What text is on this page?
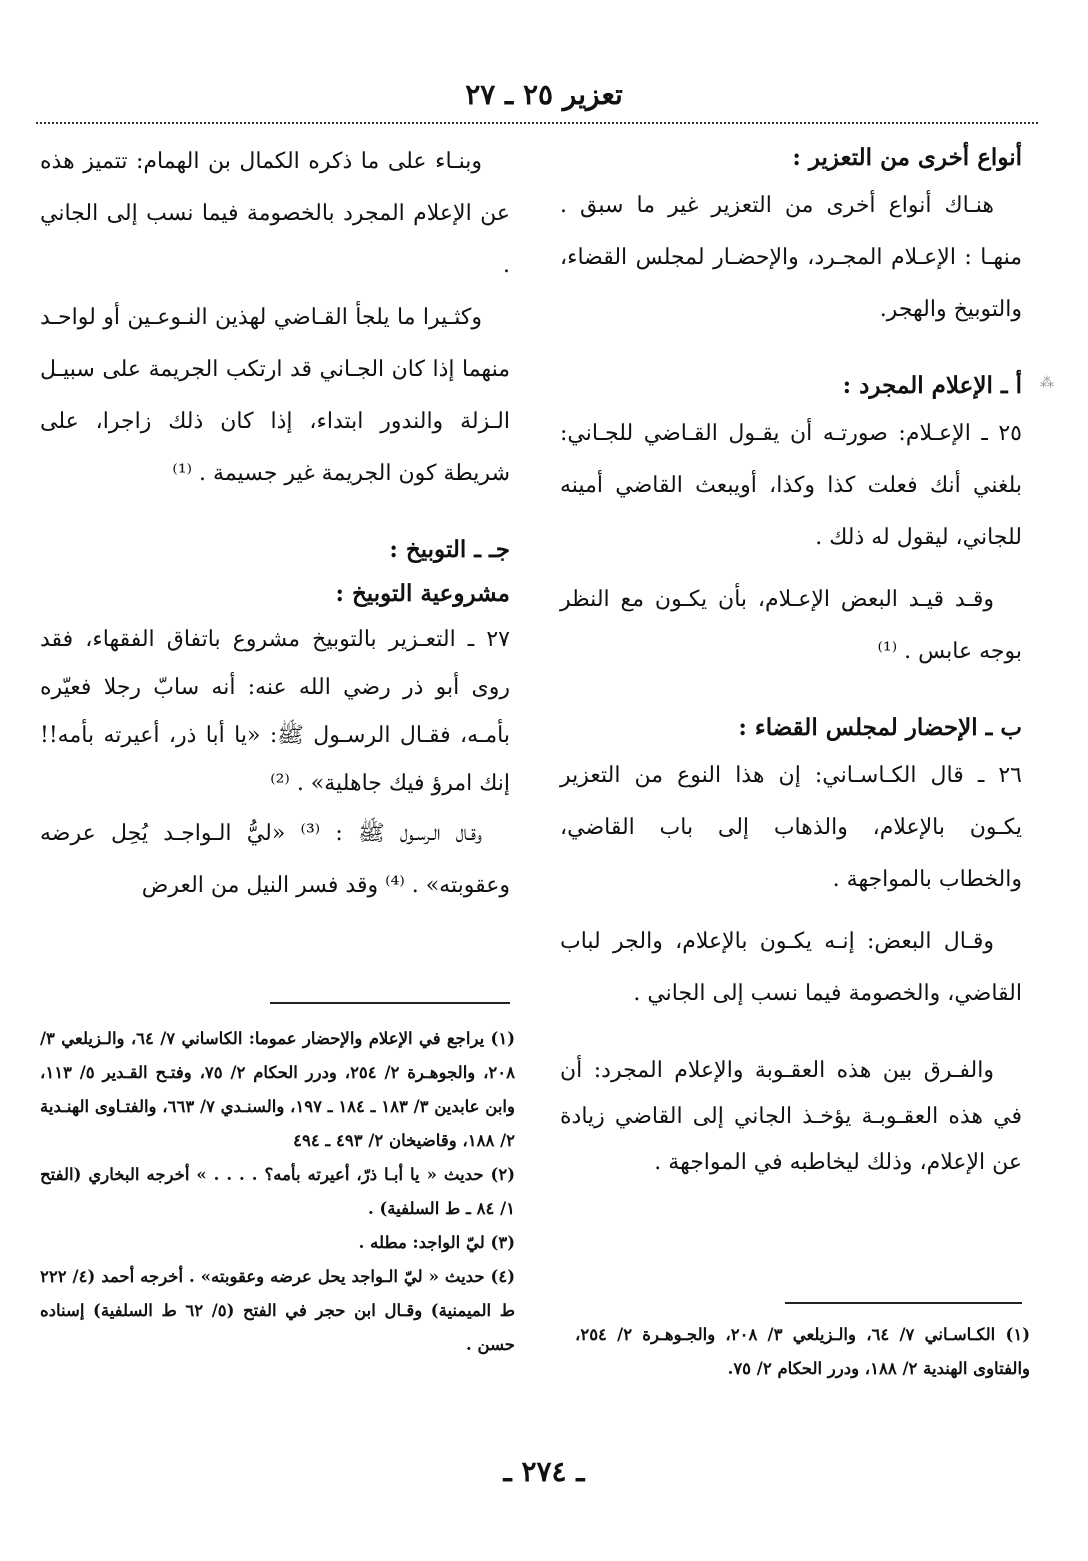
تعزير ٢٥ ـ ٢٧
⁂

أنواع أخرى من التعزير :

هنـاك أنواع أخرى من التعزير غير ما سبق . منهـا : الإعـلام المجـرد، والإحضـار لمجلس القضاء، والتوبيخ والهجر.

أ ـ الإعلام المجرد :

٢٥ ـ الإعـلام: صورتـه أن يقـول القـاضي للجـاني: بلغني أنك فعلت كذا وكذا، أويبعث القاضي أمينه للجاني، ليقول له ذلك .

وقـد قيـد البعض الإعـلام، بأن يكـون مع النظر بوجه عابس . ⁽¹⁾

ب ـ الإحضار لمجلس القضاء :

٢٦ ـ قال الكـاسـاني: إن هذا النوع من التعزير يكـون بالإعلام، والذهاب إلى باب القاضي، والخطاب بالمواجهة .

وقـال البعض: إنـه يكـون بالإعلام، والجر لباب القاضي، والخصومة فيما نسب إلى الجاني .

والفـرق بين هذه العقـوبة والإعلام المجرد: أن في هذه العقـوبـة يؤخـذ الجاني إلى القاضي زيادة عن الإعلام، وذلك ليخاطبه في المواجهة .

(١) الكـاسـاني ٧/ ٦٤، والـزيلعي ٣/ ٢٠٨، والجـوهـرة ٢/ ٢٥٤، والفتاوى الهندية ٢/ ١٨٨، ودرر الحكام ٢/ ٧٥.

وبنـاء على ما ذكره الكمال بن الهمام: تتميز هذه عن الإعلام المجرد بالخصومة فيما نسب إلى الجاني .

وكثـيرا ما يلجأ القـاضي لهذين النـوعـين أو لواحـد منهما إذا كان الجـاني قد ارتكب الجريمة على سبيـل الـزلة والندور ابتداء، إذا كان ذلك زاجرا، على شريطة كون الجريمة غير جسيمة . ⁽¹⁾

جـ ـ التوبيخ :

مشروعية التوبيخ :

٢٧ ـ التعـزير بالتوبيخ مشروع باتفاق الفقهاء، فقد روى أبو ذر رضي الله عنه: أنه سابّ رجلا فعيّره بأمـه، فقـال الرسـول ﷺ: «يا أبا ذر، أعيرته بأمه!! إنك امرؤ فيك جاهلية» . ⁽²⁾

وقـال الـرسـول ﷺ : ⁽³⁾ «ليُّ الـواجـد يُحِل عرضه وعقوبته» . ⁽⁴⁾ وقد فسر النيل من العرض

(١) يراجع في الإعلام والإحضار عموما: الكاساني ٧/ ٦٤، والـزيلعي ٣/ ٢٠٨، والجوهـرة ٢/ ٢٥٤، ودرر الحكام ٢/ ٧٥، وفتـح القـدير ٥/ ١١٣، وابن عابدين ٣/ ١٨٣ ـ ١٨٤ ـ ١٩٧، والسنـدي ٧/ ٦٦٣، والفتـاوى الهنـدية ٢/ ١٨٨، وقاضيخان ٢/ ٤٩٣ ـ ٤٩٤

(٢) حديث « يا أبـا ذرّ، أعيرته بأمه؟ . . . . » أخرجه البخاري (الفتح ١/ ٨٤ ـ ط السلفية) .

(٣) ليّ الواجد: مطله .

(٤) حديث « ليّ الـواجد يحل عرضه وعقوبته» . أخرجه أحمد (٤/ ٢٢٢ ط الميمنية) وقـال ابن حجر في الفتح (٥/ ٦٢ ط السلفية) إسناده حسن .

ـ ٢٧٤ ـ
